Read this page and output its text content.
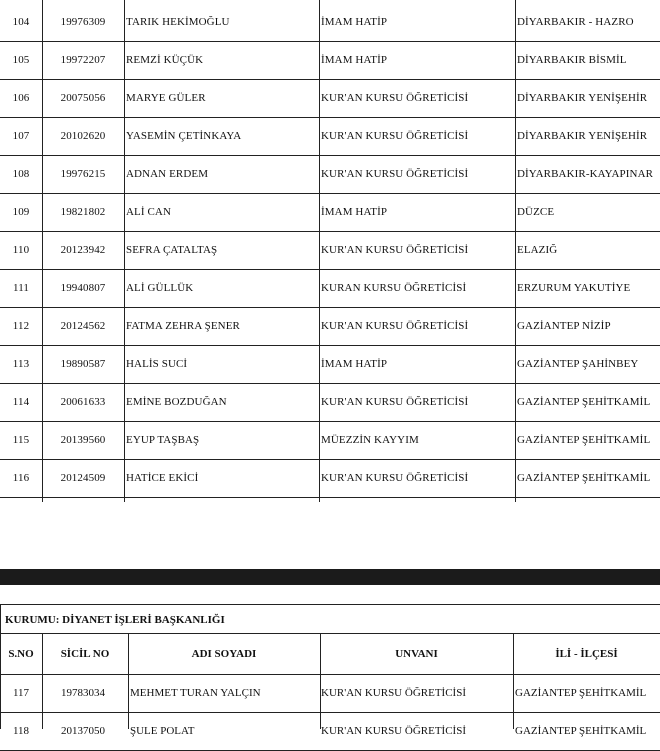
104	19976309	TARIK HEKİMOĞLU	İMAM HATİP	DİYARBAKIR - HAZRO
105	19972207	REMZİ KÜÇÜK	İMAM HATİP	DİYARBAKIR BİSMİL
106	20075056	MARYE GÜLER	KUR'AN KURSU ÖĞRETİCİSİ	DİYARBAKIR YENİŞEHİR
107	20102620	YASEMİN ÇETİNKAYA	KUR'AN KURSU ÖĞRETİCİSİ	DİYARBAKIR YENİŞEHİR
108	19976215	ADNAN ERDEM	KUR'AN KURSU ÖĞRETİCİSİ	DİYARBAKIR-KAYAPINAR
109	19821802	ALİ CAN	İMAM HATİP	DÜZCE
110	20123942	SEFRA ÇATALTAŞ	KUR'AN KURSU ÖĞRETİCİSİ	ELAZIĞ
111	19940807	ALİ GÜLLÜK	KURAN KURSU ÖĞRETİCİSİ	ERZURUM YAKUTİYE
112	20124562	FATMA ZEHRA ŞENER	KUR'AN KURSU ÖĞRETİCİSİ	GAZİANTEP NİZİP
113	19890587	HALİS SUCİ	İMAM HATİP	GAZİANTEP ŞAHİNBEY
114	20061633	EMİNE BOZDUĞAN	KUR'AN KURSU ÖĞRETİCİSİ	GAZİANTEP ŞEHİTKAMİL
115	20139560	EYUP TAŞBAŞ	MÜEZZİN KAYYIM	GAZİANTEP ŞEHİTKAMİL
116	20124509	HATİCE EKİCİ	KUR'AN KURSU ÖĞRETİCİSİ	GAZİANTEP ŞEHİTKAMİL
KURUMU: DİYANET İŞLERİ BAŞKANLIĞI
S.NO	SİCİL NO	ADI SOYADI	UNVANI	İLİ - İLÇESİ
117	19783034	MEHMET TURAN YALÇIN	KUR'AN KURSU ÖĞRETİCİSİ	GAZİANTEP ŞEHİTKAMİL
118	20137050	ŞULE POLAT	KUR'AN KURSU ÖĞRETİCİSİ	GAZİANTEP ŞEHİTKAMİL
